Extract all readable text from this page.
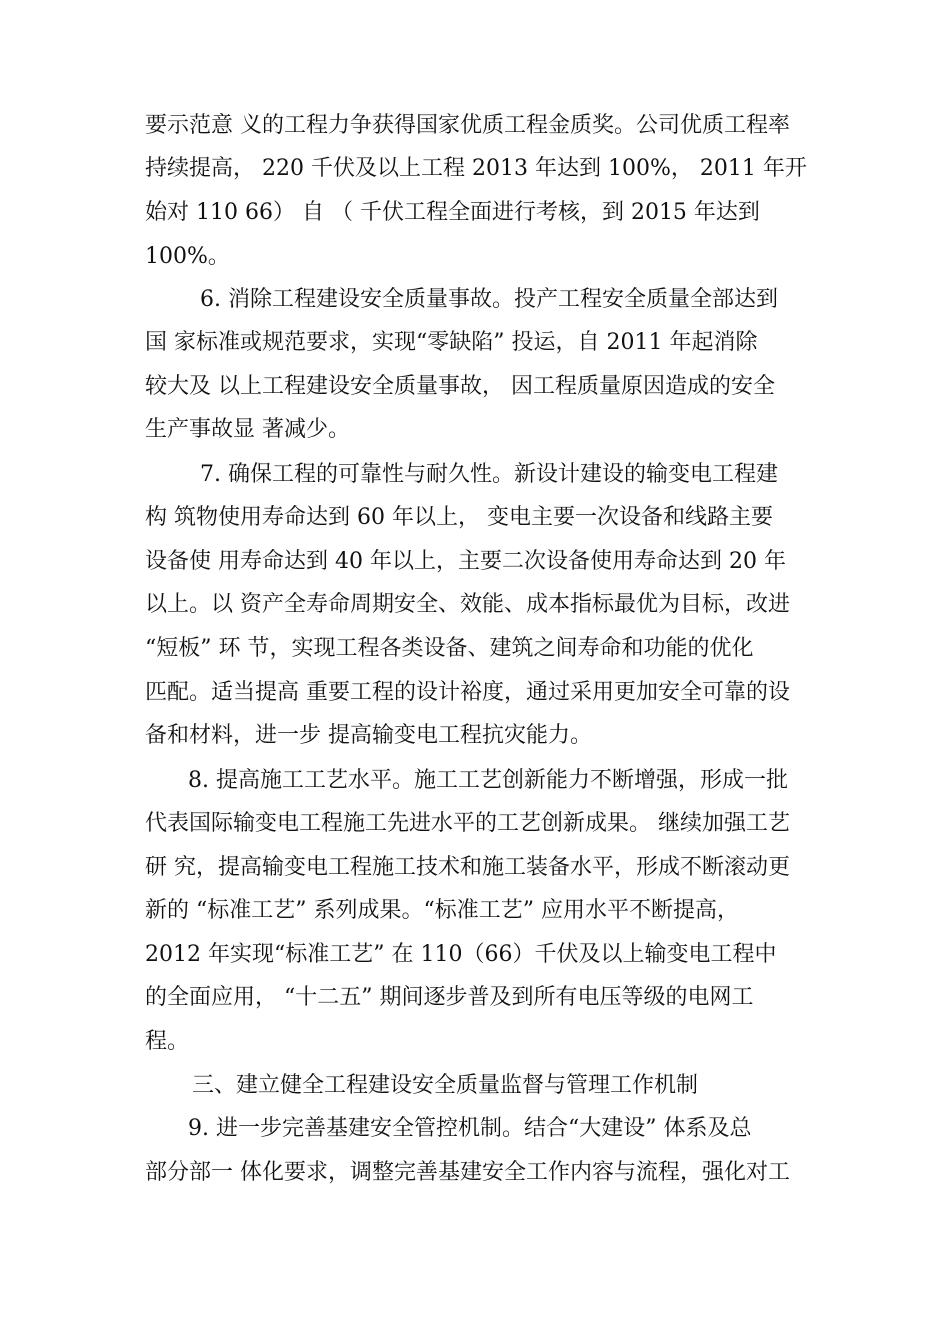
要示范意 义的工程力争获得国家优质工程金质奖。公司优质工程率
持续提高， 220 千伏及以上工程 2013 年达到 100%， 2011 年开
始对 110 66） 自 （ 千伏工程全面进行考核，到 2015 年达到
100%。
6. 消除工程建设安全质量事故。投产工程安全质量全部达到
国 家标准或规范要求，实现“零缺陷” 投运，自 2011 年起消除
较大及 以上工程建设安全质量事故， 因工程质量原因造成的安全
生产事故显 著减少。
7. 确保工程的可靠性与耐久性。新设计建设的输变电工程建
构 筑物使用寿命达到 60 年以上， 变电主要一次设备和线路主要
设备使 用寿命达到 40 年以上，主要二次设备使用寿命达到 20 年
以上。以 资产全寿命周期安全、效能、成本指标最优为目标，改进
“短板” 环 节，实现工程各类设备、建筑之间寿命和功能的优化
匹配。适当提高 重要工程的设计裕度，通过采用更加安全可靠的设
备和材料，进一步 提高输变电工程抗灾能力。
8. 提高施工工艺水平。施工工艺创新能力不断增强，形成一批
代表国际输变电工程施工先进水平的工艺创新成果。 继续加强工艺
研 究，提高输变电工程施工技术和施工装备水平，形成不断滚动更
新的 “标准工艺” 系列成果。“标准工艺” 应用水平不断提高，
2012 年实现“标准工艺” 在 110（66）千伏及以上输变电工程中
的全面应用， “十二五” 期间逐步普及到所有电压等级的电网工
程。
三、建立健全工程建设安全质量监督与管理工作机制
9. 进一步完善基建安全管控机制。结合“大建设” 体系及总
部分部一 体化要求，调整完善基建安全工作内容与流程，强化对工
